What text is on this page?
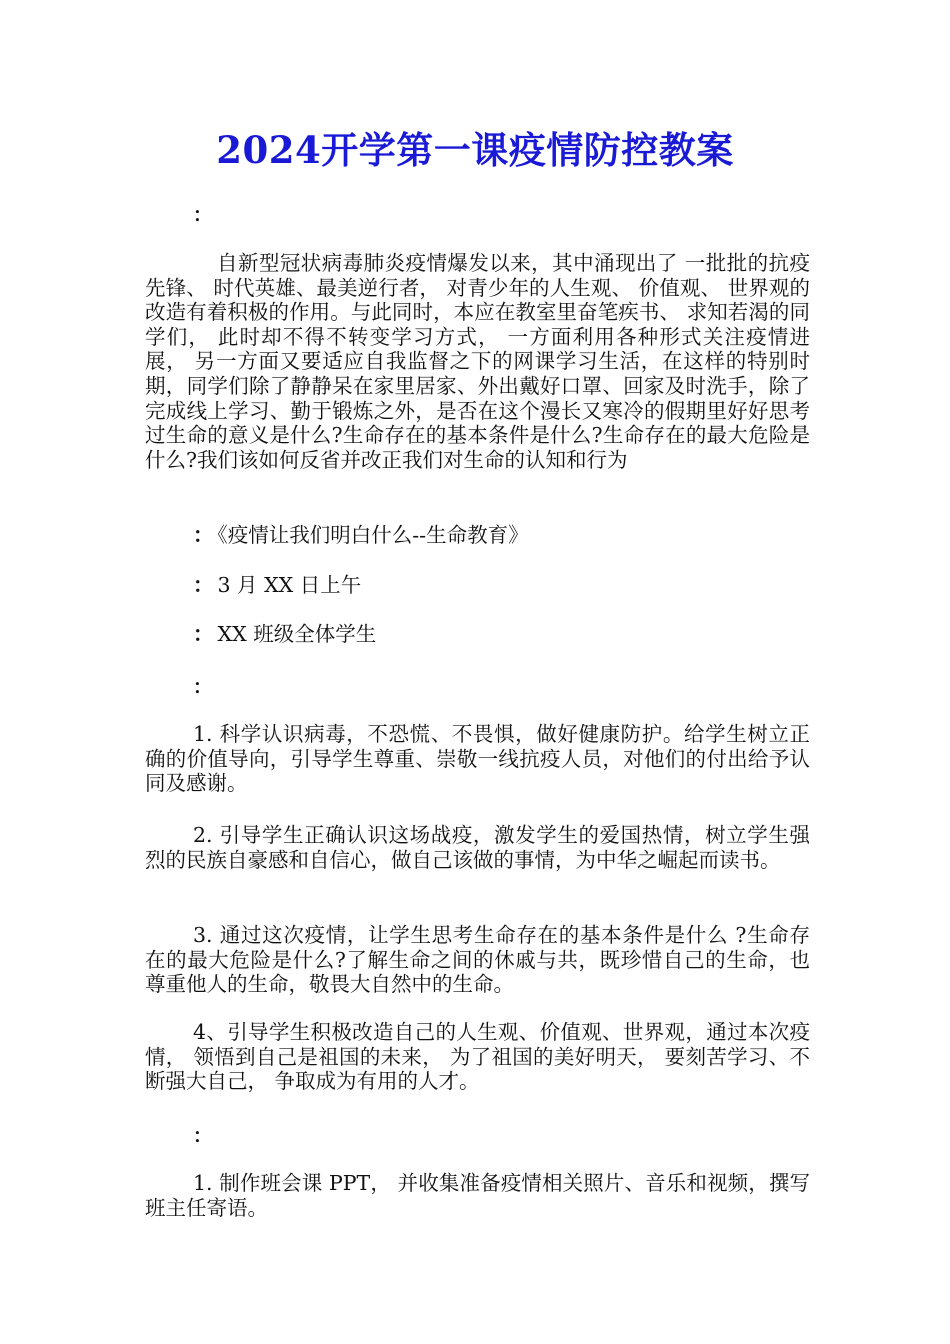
2024开学第一课疫情防控教案
：
自新型冠状病毒肺炎疫情爆发以来，其中涌现出了 一批批的抗疫先锋、 时代英雄、最美逆行者， 对青少年的人生观、 价值观、 世界观的改造有着积极的作用。与此同时，本应在教室里奋笔疾书、 求知若渴的同学们， 此时却不得不转变学习方式， 一方面利用各种形式关注疫情进展， 另一方面又要适应自我监督之下的网课学习生活，在这样的特别时期，同学们除了静静呆在家里居家、外出戴好口罩、回家及时洗手，除了完成线上学习、勤于锻炼之外，是否在这个漫长又寒冷的假期里好好思考过生命的意义是什么?生命存在的基本条件是什么?生命存在的最大危险是什么?我们该如何反省并改正我们对生命的认知和行为
： 《疫情让我们明白什么--生命教育》
： 3 月 XX 日上午
： XX 班级全体学生
：
1. 科学认识病毒，不恐慌、不畏惧，做好健康防护。给学生树立正确的价值导向，引导学生尊重、崇敬一线抗疫人员，对他们的付出给予认同及感谢。
2. 引导学生正确认识这场战疫，激发学生的爱国热情，树立学生强烈的民族自豪感和自信心，做自己该做的事情，为中华之崛起而读书。
3. 通过这次疫情，让学生思考生命存在的基本条件是什么 ?生命存在的最大危险是什么?了解生命之间的休戚与共，既珍惜自己的生命，也尊重他人的生命，敬畏大自然中的生命。
4、引导学生积极改造自己的人生观、价值观、世界观，通过本次疫情， 领悟到自己是祖国的未来， 为了祖国的美好明天， 要刻苦学习、不断强大自己， 争取成为有用的人才。
：
1. 制作班会课 PPT， 并收集准备疫情相关照片、音乐和视频，撰写班主任寄语。
